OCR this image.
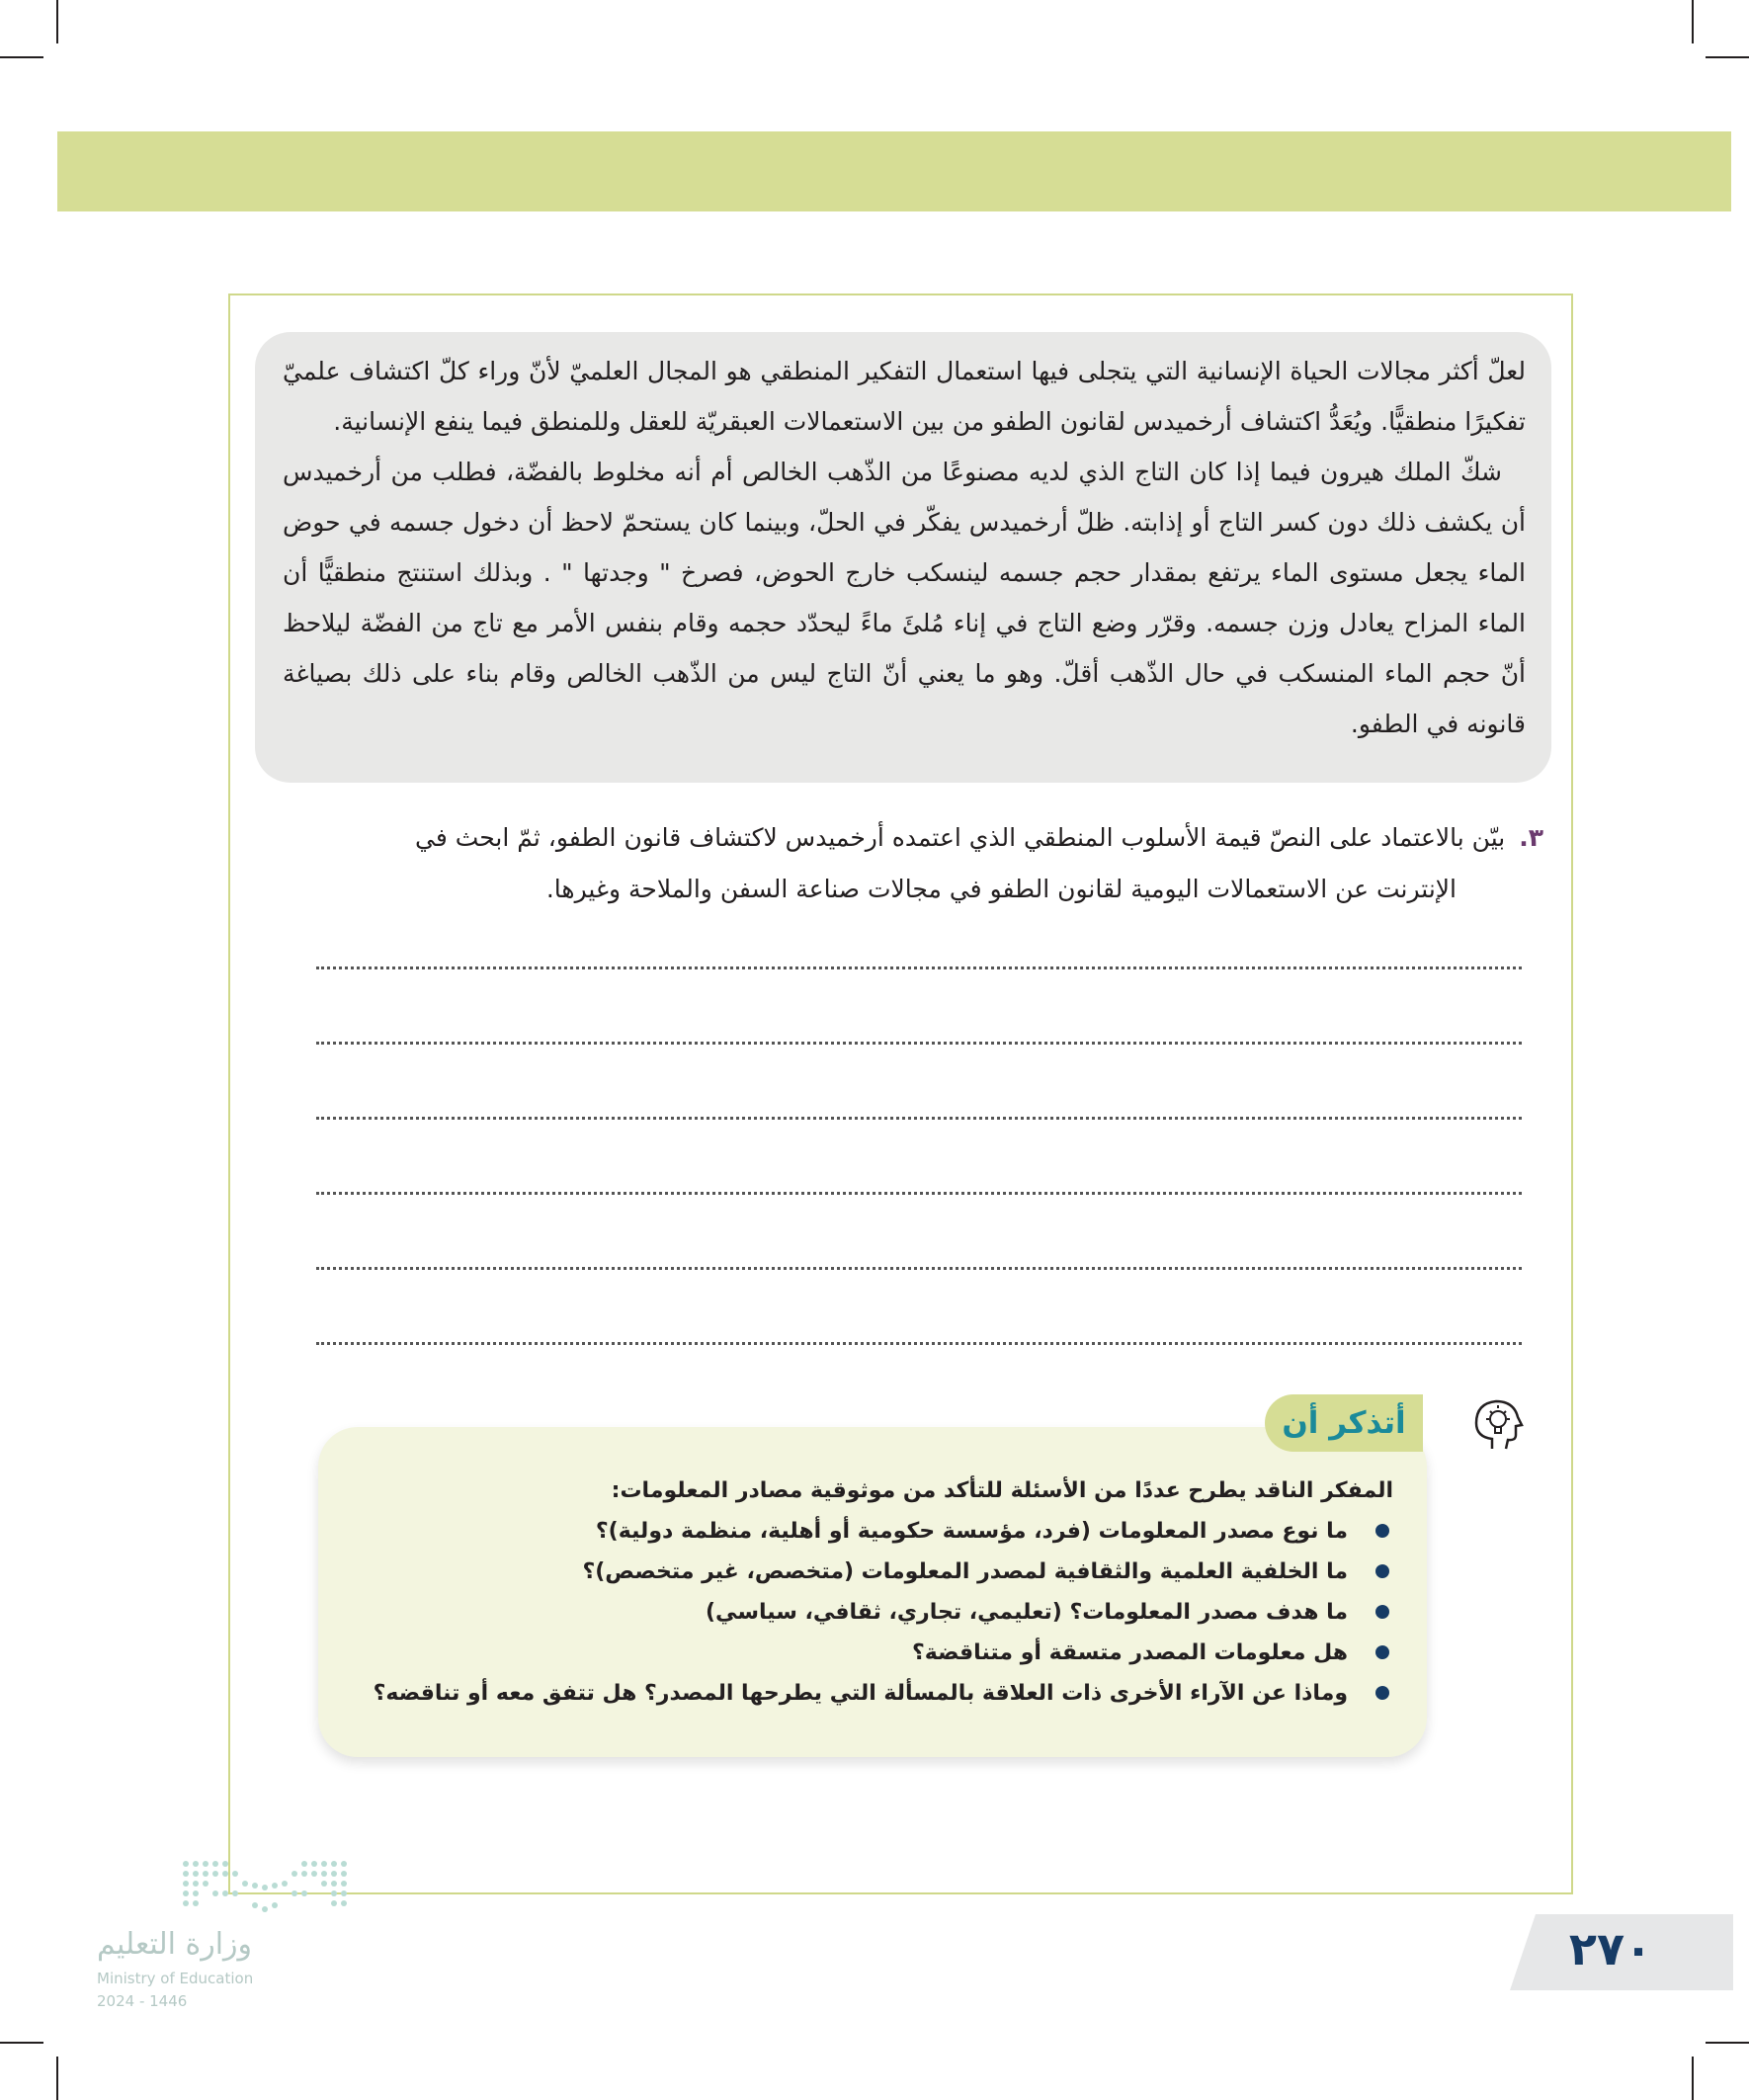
لعلّ أكثر مجالات الحياة الإنسانية التي يتجلى فيها استعمال التفكير المنطقي هو المجال العلميّ لأنّ وراء كلّ اكتشاف علميّ تفكيرًا منطقيًّا. ويُعَدُّ اكتشاف أرخميدس لقانون الطفو من بين الاستعمالات العبقريّة للعقل وللمنطق فيما ينفع الإنسانية.

شكّ الملك هيرون فيما إذا كان التاج الذي لديه مصنوعًا من الذّهب الخالص أم أنه مخلوط بالفضّة، فطلب من أرخميدس أن يكشف ذلك دون كسر التاج أو إذابته. ظلّ أرخميدس يفكّر في الحلّ، وبينما كان يستحمّ لاحظ أن دخول جسمه في حوض الماء يجعل مستوى الماء يرتفع بمقدار حجم جسمه لينسكب خارج الحوض، فصرخ " وجدتها " . وبذلك استنتج منطقيًّا أن الماء المزاح يعادل وزن جسمه. وقرّر وضع التاج في إناء مُلئَ ماءً ليحدّد حجمه وقام بنفس الأمر مع تاج من الفضّة ليلاحظ أنّ حجم الماء المنسكب في حال الذّهب أقلّ. وهو ما يعني أنّ التاج ليس من الذّهب الخالص وقام بناء على ذلك بصياغة قانونه في الطفو.

٣.بيّن بالاعتماد على النصّ قيمة الأسلوب المنطقي الذي اعتمده أرخميدس لاكتشاف قانون الطفو، ثمّ ابحث في
الإنترنت عن الاستعمالات اليومية لقانون الطفو في مجالات صناعة السفن والملاحة وغيرها.
أتذكر أن
المفكر الناقد يطرح عددًا من الأسئلة للتأكد من موثوقية مصادر المعلومات:
ما نوع مصدر المعلومات (فرد، مؤسسة حكومية أو أهلية، منظمة دولية)؟
ما الخلفية العلمية والثقافية لمصدر المعلومات (متخصص، غير متخصص)؟
ما هدف مصدر المعلومات؟ (تعليمي، تجاري، ثقافي، سياسي)
هل معلومات المصدر متسقة أو متناقضة؟
وماذا عن الآراء الأخرى ذات العلاقة بالمسألة التي يطرحها المصدر؟ هل تتفق معه أو تناقضه؟
٢٧٠
وزارة التعليم
Ministry of Education
2024 - 1446
